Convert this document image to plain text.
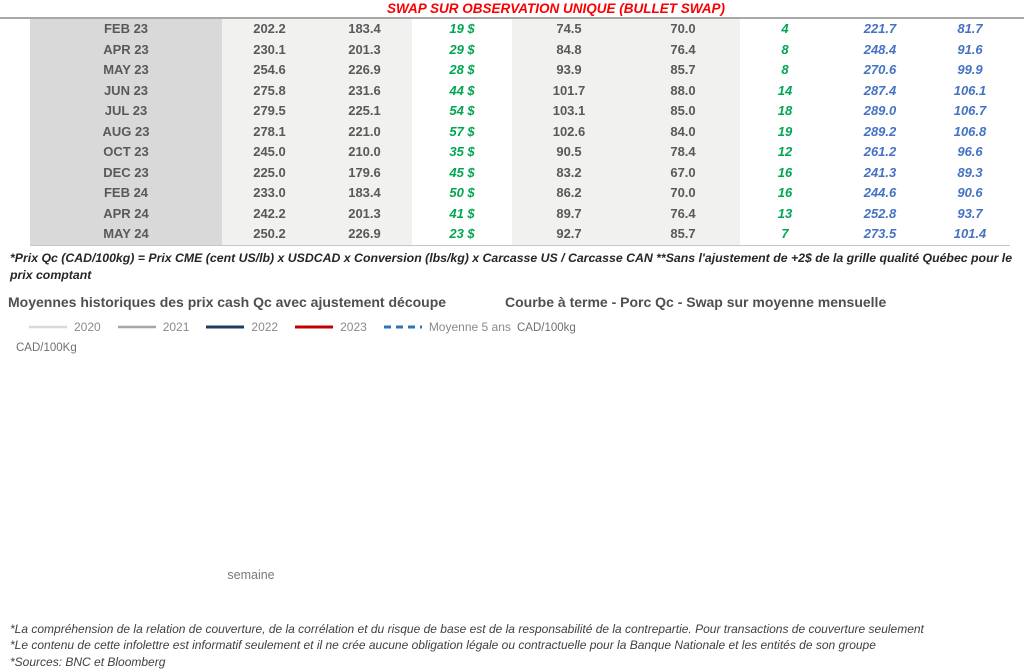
SWAP SUR OBSERVATION UNIQUE (BULLET SWAP)
FEB 23	202.2	183.4	19 $	74.5	70.0	4	221.7	81.7
APR 23	230.1	201.3	29 $	84.8	76.4	8	248.4	91.6
MAY 23	254.6	226.9	28 $	93.9	85.7	8	270.6	99.9
JUN 23	275.8	231.6	44 $	101.7	88.0	14	287.4	106.1
JUL 23	279.5	225.1	54 $	103.1	85.0	18	289.0	106.7
AUG 23	278.1	221.0	57 $	102.6	84.0	19	289.2	106.8
OCT 23	245.0	210.0	35 $	90.5	78.4	12	261.2	96.6
DEC 23	225.0	179.6	45 $	83.2	67.0	16	241.3	89.3
FEB 24	233.0	183.4	50 $	86.2	70.0	16	244.6	90.6
APR 24	242.2	201.3	41 $	89.7	76.4	13	252.8	93.7
MAY 24	250.2	226.9	23 $	92.7	85.7	7	273.5	101.4
*Prix Qc (CAD/100kg) = Prix CME (cent US/lb) x USDCAD x Conversion (lbs/kg) x Carcasse US / Carcasse CAN **Sans l'ajustement de +2$ de la grille qualité Québec pour le prix comptant
Moyennes historiques des prix cash Qc avec ajustement découpe
2020	2021	2022	2023	Moyenne 5 ans
CAD/100Kg
semaine
Courbe à terme - Porc Qc - Swap sur moyenne mensuelle
CAD/100kg
*La compréhension de la relation de couverture, de la corrélation et du risque de base est de la responsabilité de la contrepartie. Pour transactions de couverture seulement
*Le contenu de cette infolettre est informatif seulement et il ne crée aucune obligation légale ou contractuelle pour la Banque Nationale et les entités de son groupe
*Sources: BNC et Bloomberg
